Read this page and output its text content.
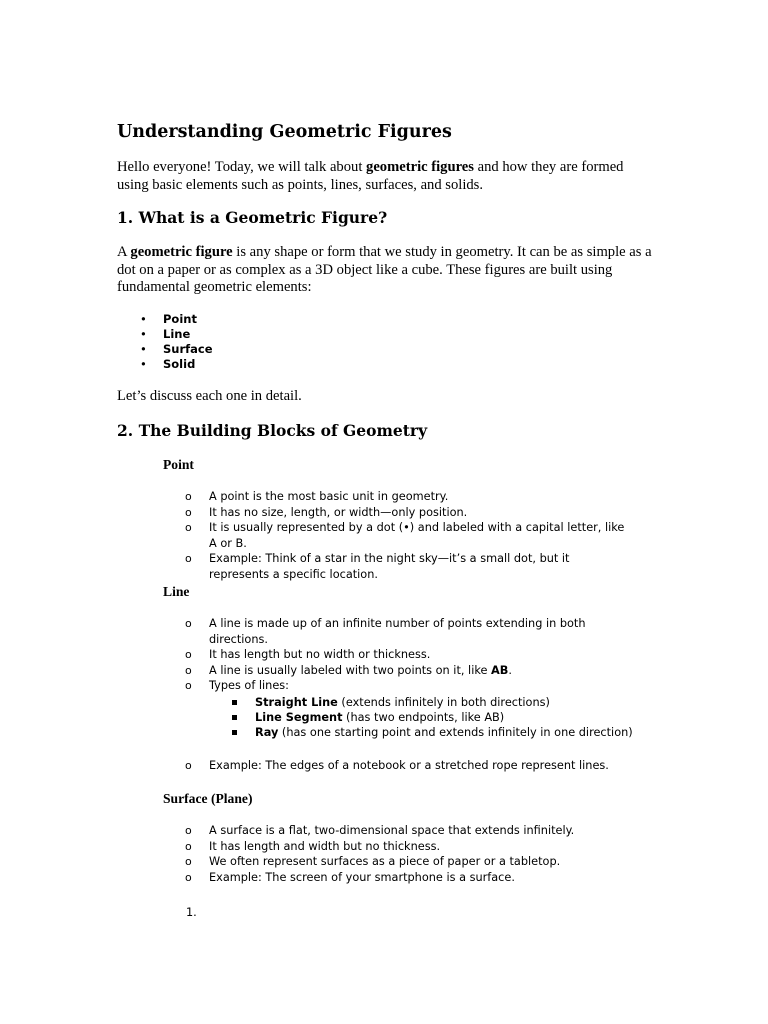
Understanding Geometric Figures

Hello everyone! Today, we will talk about geometric figures and how they are formed using basic elements such as points, lines, surfaces, and solids.

1. What is a Geometric Figure?

A geometric figure is any shape or form that we study in geometry. It can be as simple as a dot on a paper or as complex as a 3D object like a cube. These figures are built using fundamental geometric elements:

• Point
• Line
• Surface
• Solid

Let’s discuss each one in detail.

2. The Building Blocks of Geometry
Point
o A point is the most basic unit in geometry.
o It has no size, length, or width—only position.
o It is usually represented by a dot (•) and labeled with a capital letter, like A or B.
o Example: Think of a star in the night sky—it’s a small dot, but it represents a specific location.
Line
o A line is made up of an infinite number of points extending in both directions.
o It has length but no width or thickness.
o A line is usually labeled with two points on it, like AB.
o Types of lines:
Straight Line (extends infinitely in both directions)
Line Segment (has two endpoints, like AB)
Ray (has one starting point and extends infinitely in one direction)
o Example: The edges of a notebook or a stretched rope represent lines.
Surface (Plane)
o A surface is a flat, two-dimensional space that extends infinitely.
o It has length and width but no thickness.
o We often represent surfaces as a piece of paper or a tabletop.
o Example: The screen of your smartphone is a surface.
1.
